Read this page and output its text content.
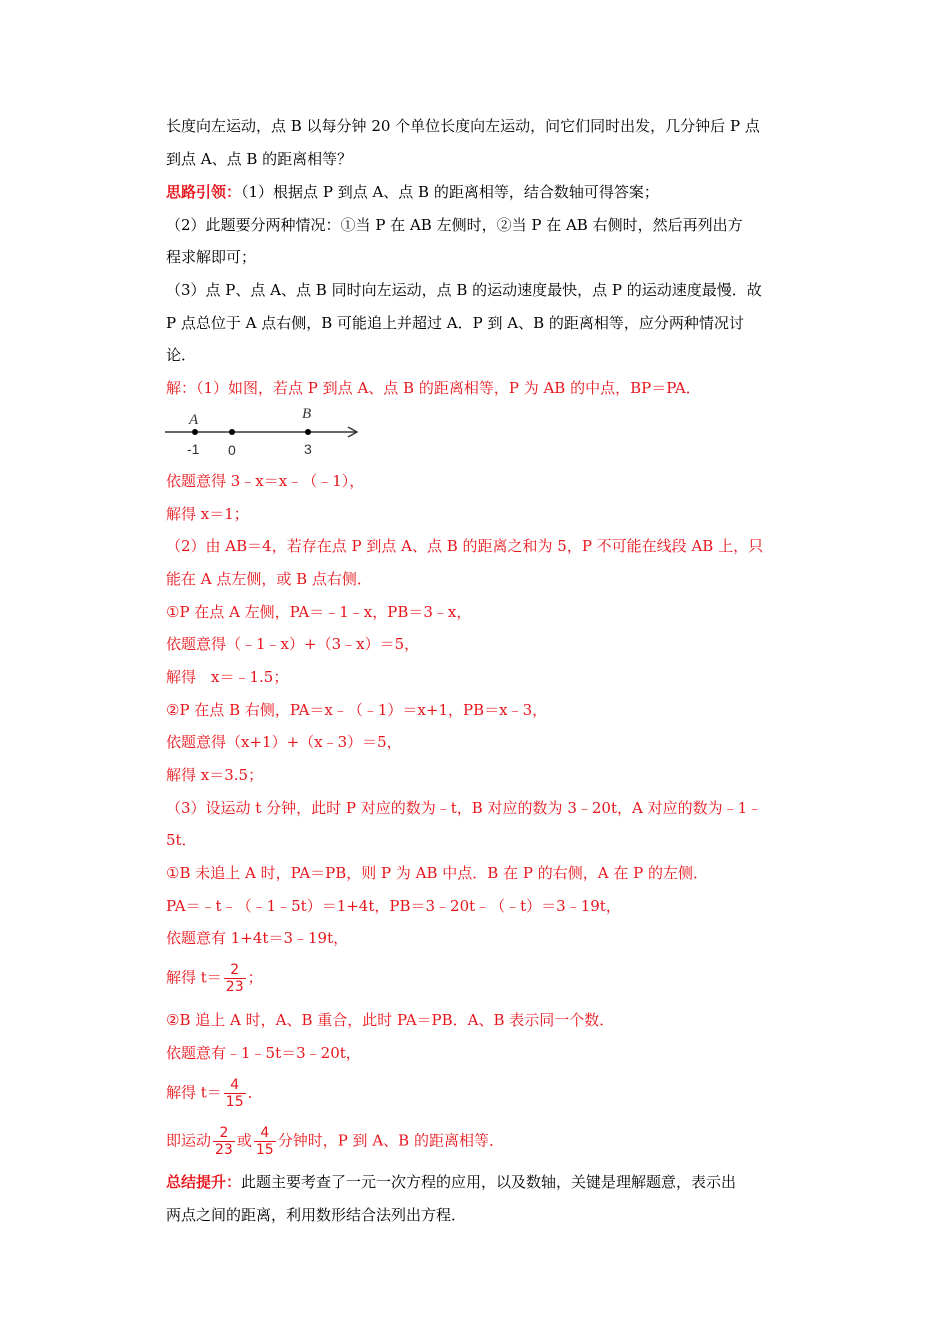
长度向左运动，点 B 以每分钟 20 个单位长度向左运动，问它们同时出发，几分钟后 P 点
到点 A、点 B 的距离相等？
思路引领：（1）根据点 P 到点 A、点 B 的距离相等，结合数轴可得答案；
（2）此题要分两种情况：①当 P 在 AB 左侧时，②当 P 在 AB 右侧时，然后再列出方
程求解即可；
（3）点 P、点 A、点 B 同时向左运动，点 B 的运动速度最快，点 P 的运动速度最慢．故
P 点总位于 A 点右侧，B 可能追上并超过 A．P 到 A、B 的距离相等，应分两种情况讨
论．
解：（1）如图，若点 P 到点 A、点 B 的距离相等，P 为 AB 的中点，BP＝PA．
A	B
-1 0	3
依题意得 3﹣x＝x﹣（﹣1），
解得 x＝1；
（2）由 AB＝4，若存在点 P 到点 A、点 B 的距离之和为 5，P 不可能在线段 AB 上，只
能在 A 点左侧，或 B 点右侧．
①P 在点 A 左侧，PA＝﹣1﹣x，PB＝3﹣x，
依题意得（﹣1﹣x）+（3﹣x）＝5，
解得　x＝﹣1.5；
②P 在点 B 右侧，PA＝x﹣（﹣1）＝x+1，PB＝x﹣3，
依题意得（x+1）+（x﹣3）＝5，
解得 x＝3.5；
（3）设运动 t 分钟，此时 P 对应的数为﹣t，B 对应的数为 3﹣20t，A 对应的数为﹣1﹣
5t．
①B 未追上 A 时，PA＝PB，则 P 为 AB 中点．B 在 P 的右侧，A 在 P 的左侧．
PA＝﹣t﹣（﹣1﹣5t）＝1+4t，PB＝3﹣20t﹣（﹣t）＝3﹣19t，
依题意有 1+4t＝3﹣19t，
解得 $t= \frac{2}{23}$ ；
②B 追上 A 时，A、B 重合，此时 PA＝PB．A、B 表示同一个数．
依题意有﹣1﹣5t＝3﹣20t，
解得 $t= \frac{4}{15}$ ．
即运动 $\frac{2}{23}$ 或 $\frac{4}{15}$ 分钟时，P 到 A、B 的距离相等．
总结提升：此题主要考查了一元一次方程的应用，以及数轴，关键是理解题意，表示出
两点之间的距离，利用数形结合法列出方程．
